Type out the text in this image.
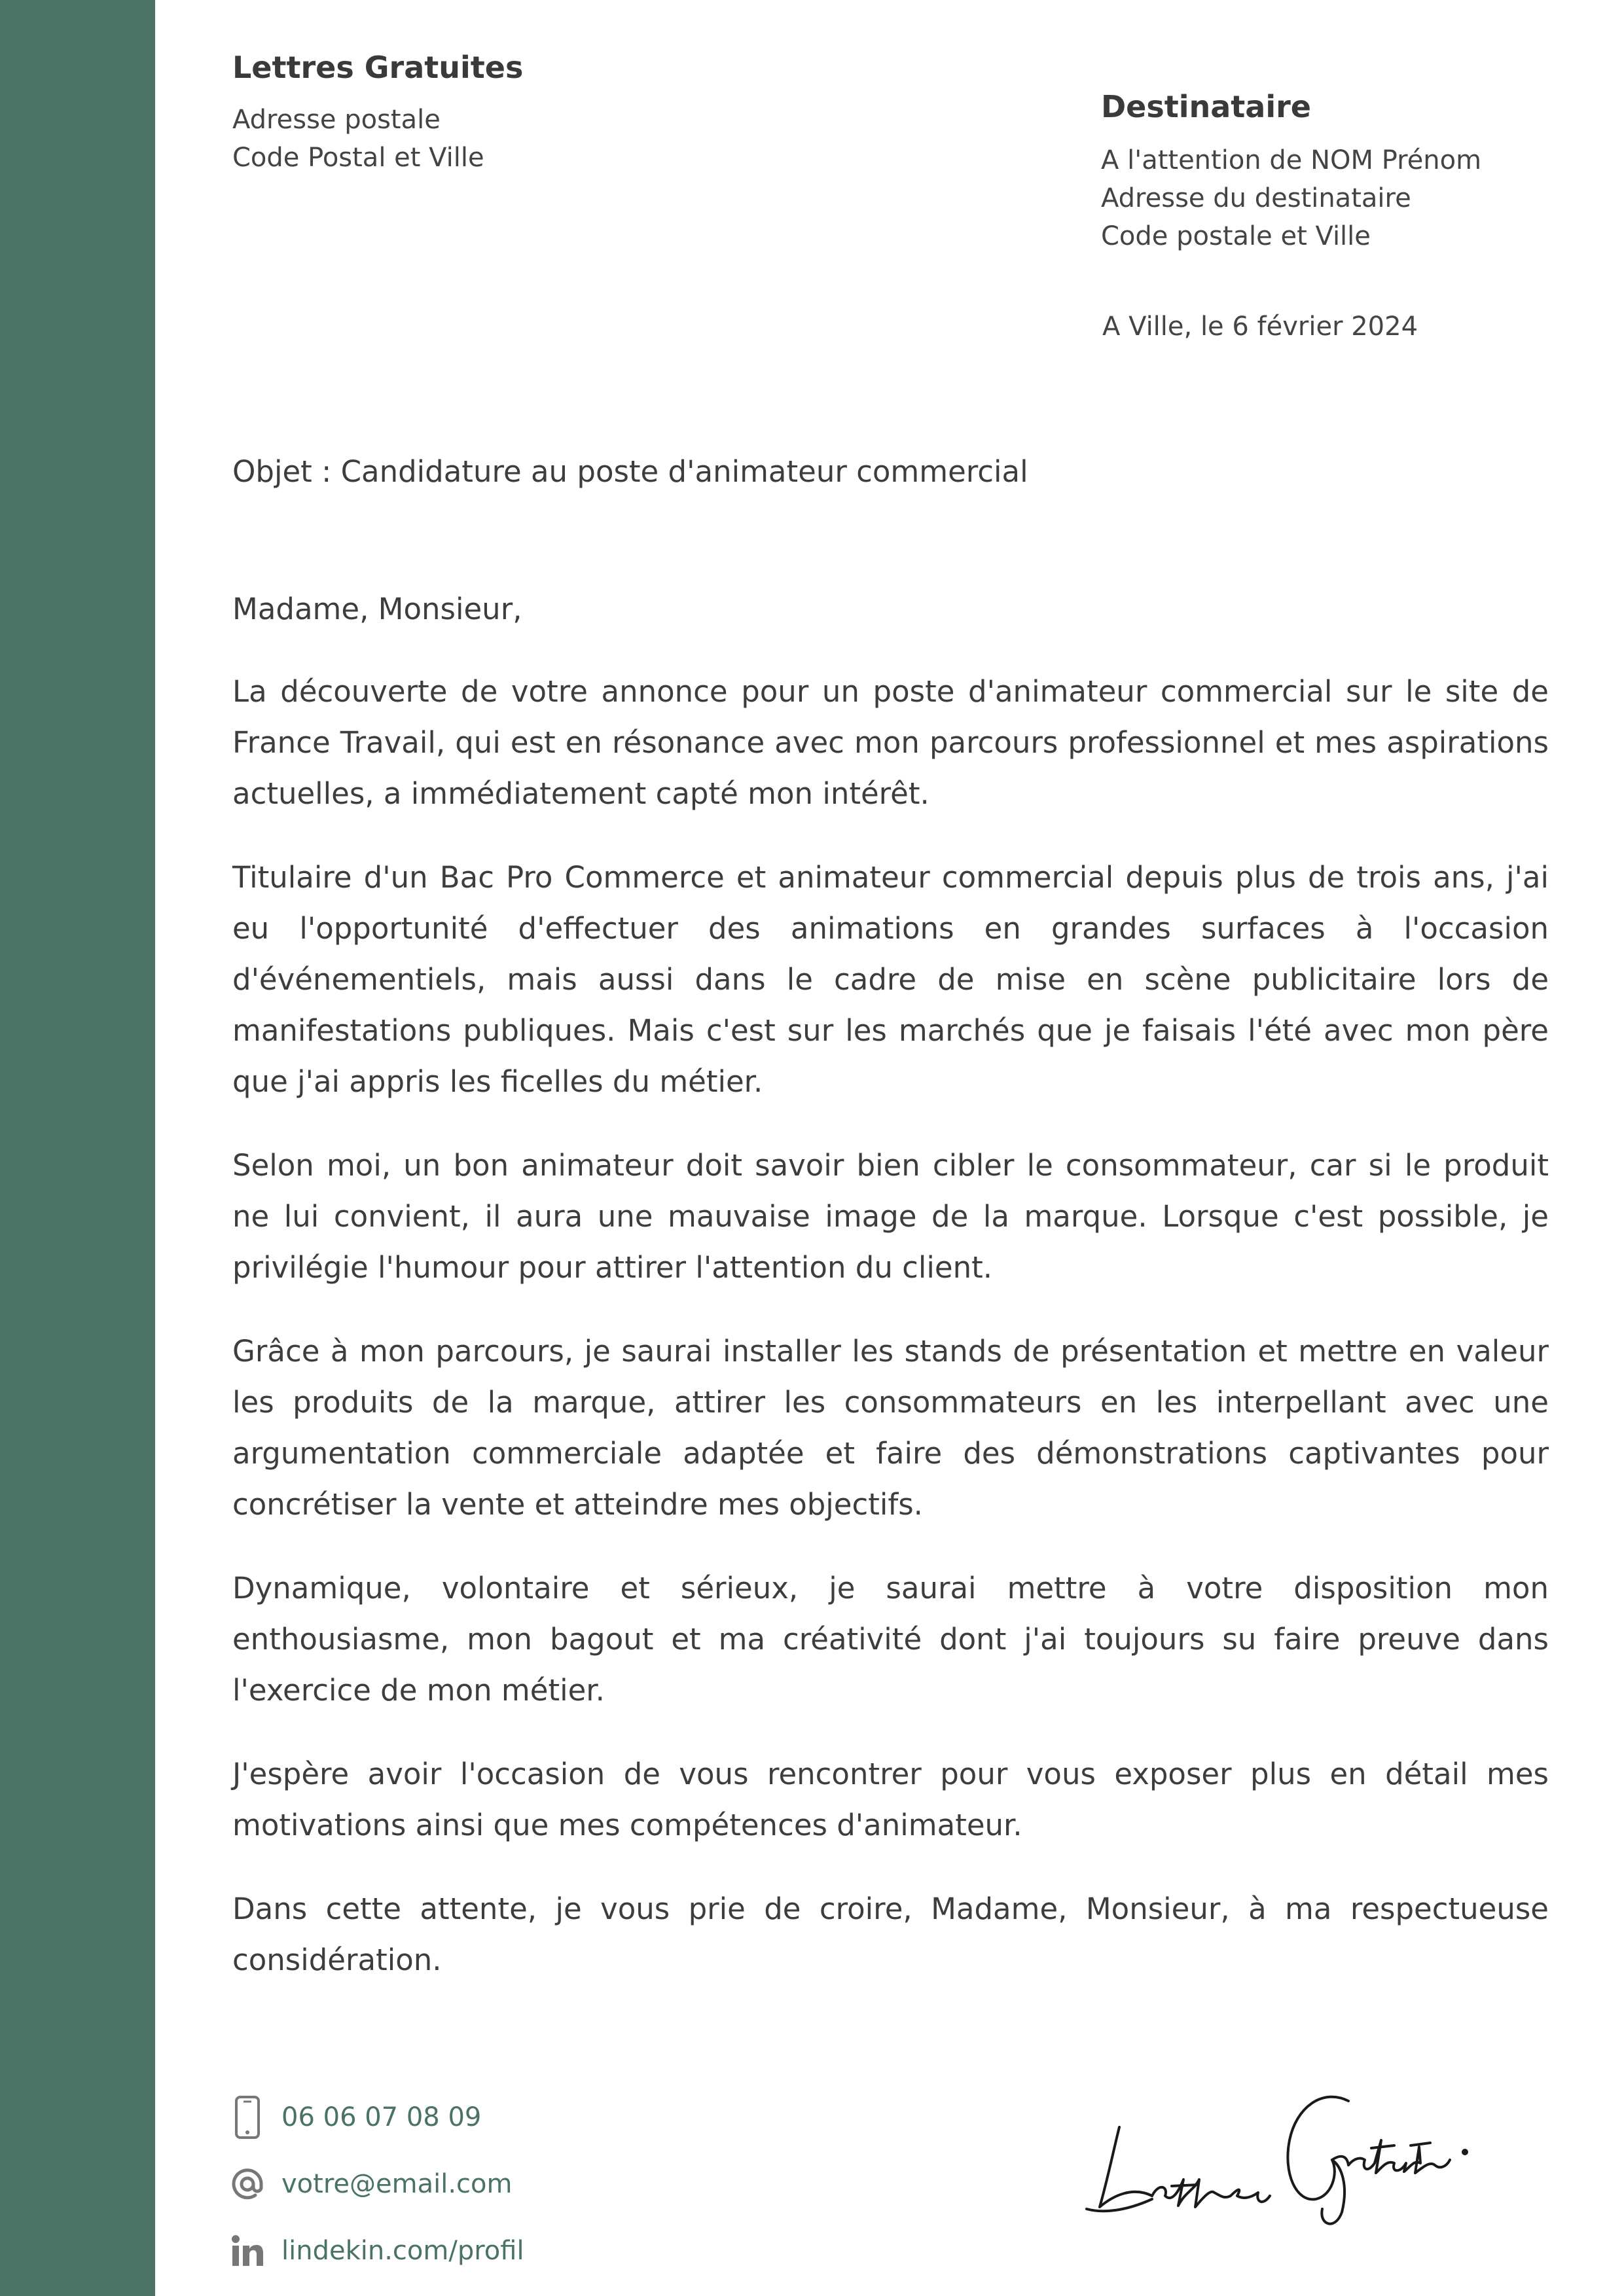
Lettres Gratuites
Adresse postale
Code Postal et Ville
Destinataire
A l'attention de NOM Prénom
Adresse du destinataire
Code postale et Ville
A Ville, le 6 février 2024
Objet : Candidature au poste d'animateur commercial

Madame, Monsieur,

La découverte de votre annonce pour un poste d'animateur commercial sur le site de France Travail, qui est en résonance avec mon parcours professionnel et mes aspirations actuelles, a immédiatement capté mon intérêt.

Titulaire d'un Bac Pro Commerce et animateur commercial depuis plus de trois ans, j'ai eu l'opportunité d'effectuer des animations en grandes surfaces à l'occasion d'événementiels, mais aussi dans le cadre de mise en scène publicitaire lors de manifestations publiques. Mais c'est sur les marchés que je faisais l'été avec mon père que j'ai appris les ficelles du métier.

Selon moi, un bon animateur doit savoir bien cibler le consommateur, car si le produit ne lui convient, il aura une mauvaise image de la marque. Lorsque c'est possible, je privilégie l'humour pour attirer l'attention du client.

Grâce à mon parcours, je saurai installer les stands de présentation et mettre en valeur les produits de la marque, attirer les consommateurs en les interpellant avec une argumentation commerciale adaptée et faire des démonstrations captivantes pour concrétiser la vente et atteindre mes objectifs.

Dynamique, volontaire et sérieux, je saurai mettre à votre disposition mon enthousiasme, mon bagout et ma créativité dont j'ai toujours su faire preuve dans l'exercice de mon métier.

J'espère avoir l'occasion de vous rencontrer pour vous exposer plus en détail mes motivations ainsi que mes compétences d'animateur.

Dans cette attente, je vous prie de croire, Madame, Monsieur, à ma respectueuse considération.

06 06 07 08 09
votre@email.com
lindekin.com/profil
